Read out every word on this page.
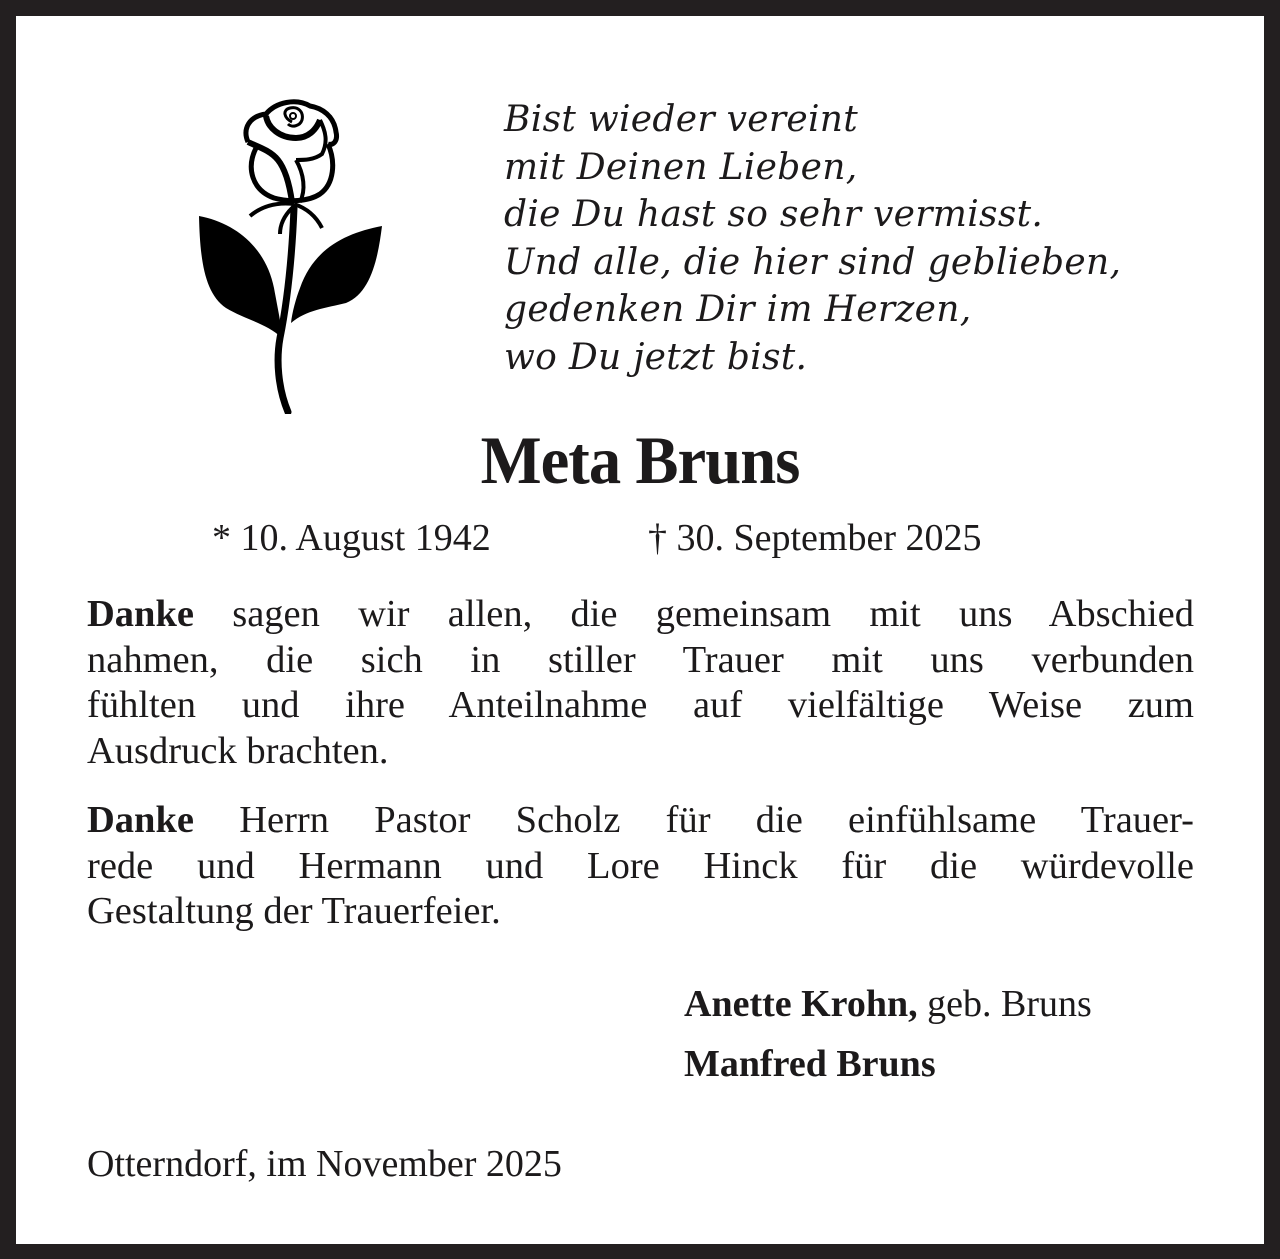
Bist wieder vereint
mit Deinen Lieben,
die Du hast so sehr vermisst.
Und alle, die hier sind geblieben,
gedenken Dir im Herzen,
wo Du jetzt bist.
Meta Bruns
* 10. August 1942	† 30. September 2025
Danke sagen wir allen, die gemeinsam mit uns Abschied
nahmen, die sich in stiller Trauer mit uns verbunden
fühlten und ihre Anteilnahme auf vielfältige Weise zum
Ausdruck brachten.
Danke Herrn Pastor Scholz für die einfühlsame Trauer-
rede und Hermann und Lore Hinck für die würdevolle
Gestaltung der Trauerfeier.
Anette Krohn, geb. Bruns
Manfred Bruns
Otterndorf, im November 2025
